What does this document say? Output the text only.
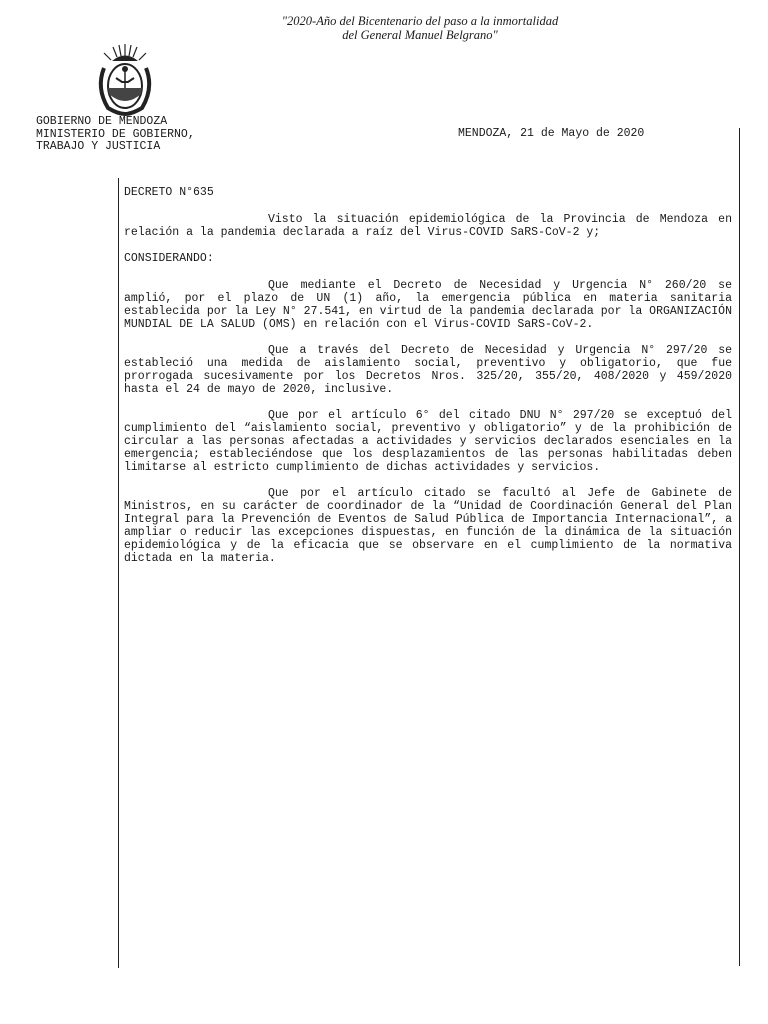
"2020-Año del Bicentenario del paso a la inmortalidad
del General Manuel Belgrano"
GOBIERNO DE MENDOZA
MINISTERIO DE GOBIERNO,
TRABAJO Y JUSTICIA
MENDOZA, 21 de Mayo de 2020

DECRETO N°635

Visto la situación epidemiológica de la Provincia de Mendoza en relación a la pandemia declarada a raíz del Virus-COVID SaRS-CoV-2 y;

CONSIDERANDO:

Que mediante el Decreto de Necesidad y Urgencia N° 260/20 se amplió, por el plazo de UN (1) año, la emergencia pública en materia sanitaria establecida por la Ley N° 27.541, en virtud de la pandemia declarada por la ORGANIZACIÓN MUNDIAL DE LA SALUD (OMS) en relación con el Virus-COVID SaRS-CoV-2.

Que a través del Decreto de Necesidad y Urgencia N° 297/20 se estableció una medida de aislamiento social, preventivo y obligatorio, que fue prorrogada sucesivamente por los Decretos Nros. 325/20, 355/20, 408/2020 y 459/2020 hasta el 24 de mayo de 2020, inclusive.

Que por el artículo 6° del citado DNU N° 297/20 se exceptuó del cumplimiento del “aislamiento social, preventivo y obligatorio” y de la prohibición de circular a las personas afectadas a actividades y servicios declarados esenciales en la emergencia; estableciéndose que los desplazamientos de las personas habilitadas deben limitarse al estricto cumplimiento de dichas actividades y servicios.

Que por el artículo citado se facultó al Jefe de Gabinete de Ministros, en su carácter de coordinador de la “Unidad de Coordinación General del Plan Integral para la Prevención de Eventos de Salud Pública de Importancia Internacional”, a ampliar o reducir las excepciones dispuestas, en función de la dinámica de la situación epidemiológica y de la eficacia que se observare en el cumplimiento de la normativa dictada en la materia.
